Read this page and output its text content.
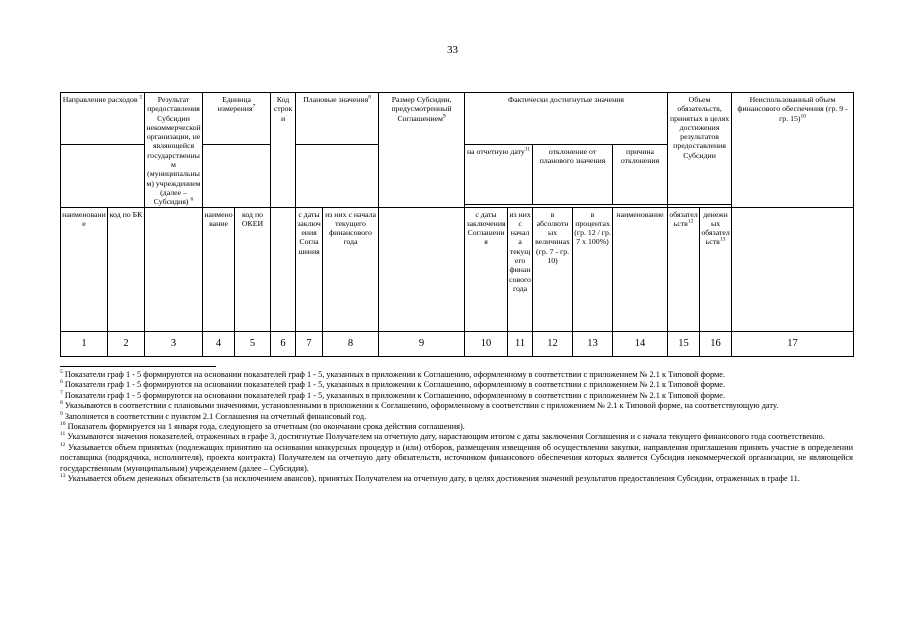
33
Направление расходов $^5$		Результат предоставления Субсидии некоммерческой организации, не являющейся государственным (муниципальным) учреждением (далее – Субсидия) $^6$	Единица измерения$^7$		Код строки	Плановые значения$^8$		Размер Субсидии, предусмотренный Соглашением$^9$	Фактически достигнутые значения					Объем обязательств, принятых в целях достижения результатов предоставления Субсидии		Неиспользованный объем финансового обеспечения (гр. 9 - гр. 15)$^{10}$
									на отчетную дату$^{11}$		отклонение от планового значения		причина отклонения			

наименование	код по БК		наименование	код по ОКЕИ		с даты заключения Соглашения	из них с начала текущего финансового года		с даты заключения Соглашения	из них с начала текущего финансового года	в абсолютных величинах (гр. 7 - гр. 10)	в процентах (гр. 12 / гр. 7 x 100%)	наименование	обязательств$^{12}$	денежных обязательств$^{13}$	
1	2	3	4	5	6	7	8	9	10	11	12	13	14	15	16	17
$^5$ Показатели граф 1 - 5 формируются на основании показателей граф 1 - 5, указанных в приложении к Соглашению, оформленному в соответствии с приложением № 2.1 к Типовой форме.
$^6$ Показатели граф 1 - 5 формируются на основании показателей граф 1 - 5, указанных в приложении к Соглашению, оформленному в соответствии с приложением № 2.1 к Типовой форме.
$^7$ Показатели граф 1 - 5 формируются на основании показателей граф 1 - 5, указанных в приложении к Соглашению, оформленному в соответствии с приложением № 2.1 к Типовой форме.
$^8$ Указываются в соответствии с плановыми значениями, установленными в приложении к Соглашению, оформленному в соответствии с приложением № 2.1 к Типовой форме, на соответствующую дату.
$^9$ Заполняется в соответствии с пунктом 2.1 Соглашения на отчетный финансовый год.
$^{10}$ Показатель формируется на 1 января года, следующего за отчетным (по окончании срока действия соглашения).
$^{11}$ Указываются значения показателей, отраженных в графе 3, достигнутые Получателем на отчетную дату, нарастающим итогом с даты заключения Соглашения и с начала текущего финансового года соответственно.
$^{12}$ Указывается объем принятых (подлежащих принятию на основании конкурсных процедур и (или) отборов, размещения извещения об осуществлении закупки, направления приглашения принять участие в определении поставщика (подрядчика, исполнителя), проекта контракта) Получателем на отчетную дату обязательств, источником финансового обеспечения которых является Субсидия некоммерческой организации, не являющейся государственным (муниципальным) учреждением (далее – Субсидия).
$^{13}$ Указывается объем денежных обязательств (за исключением авансов), принятых Получателем на отчетную дату, в целях достижения значений результатов предоставления Субсидии, отраженных в графе 11.
